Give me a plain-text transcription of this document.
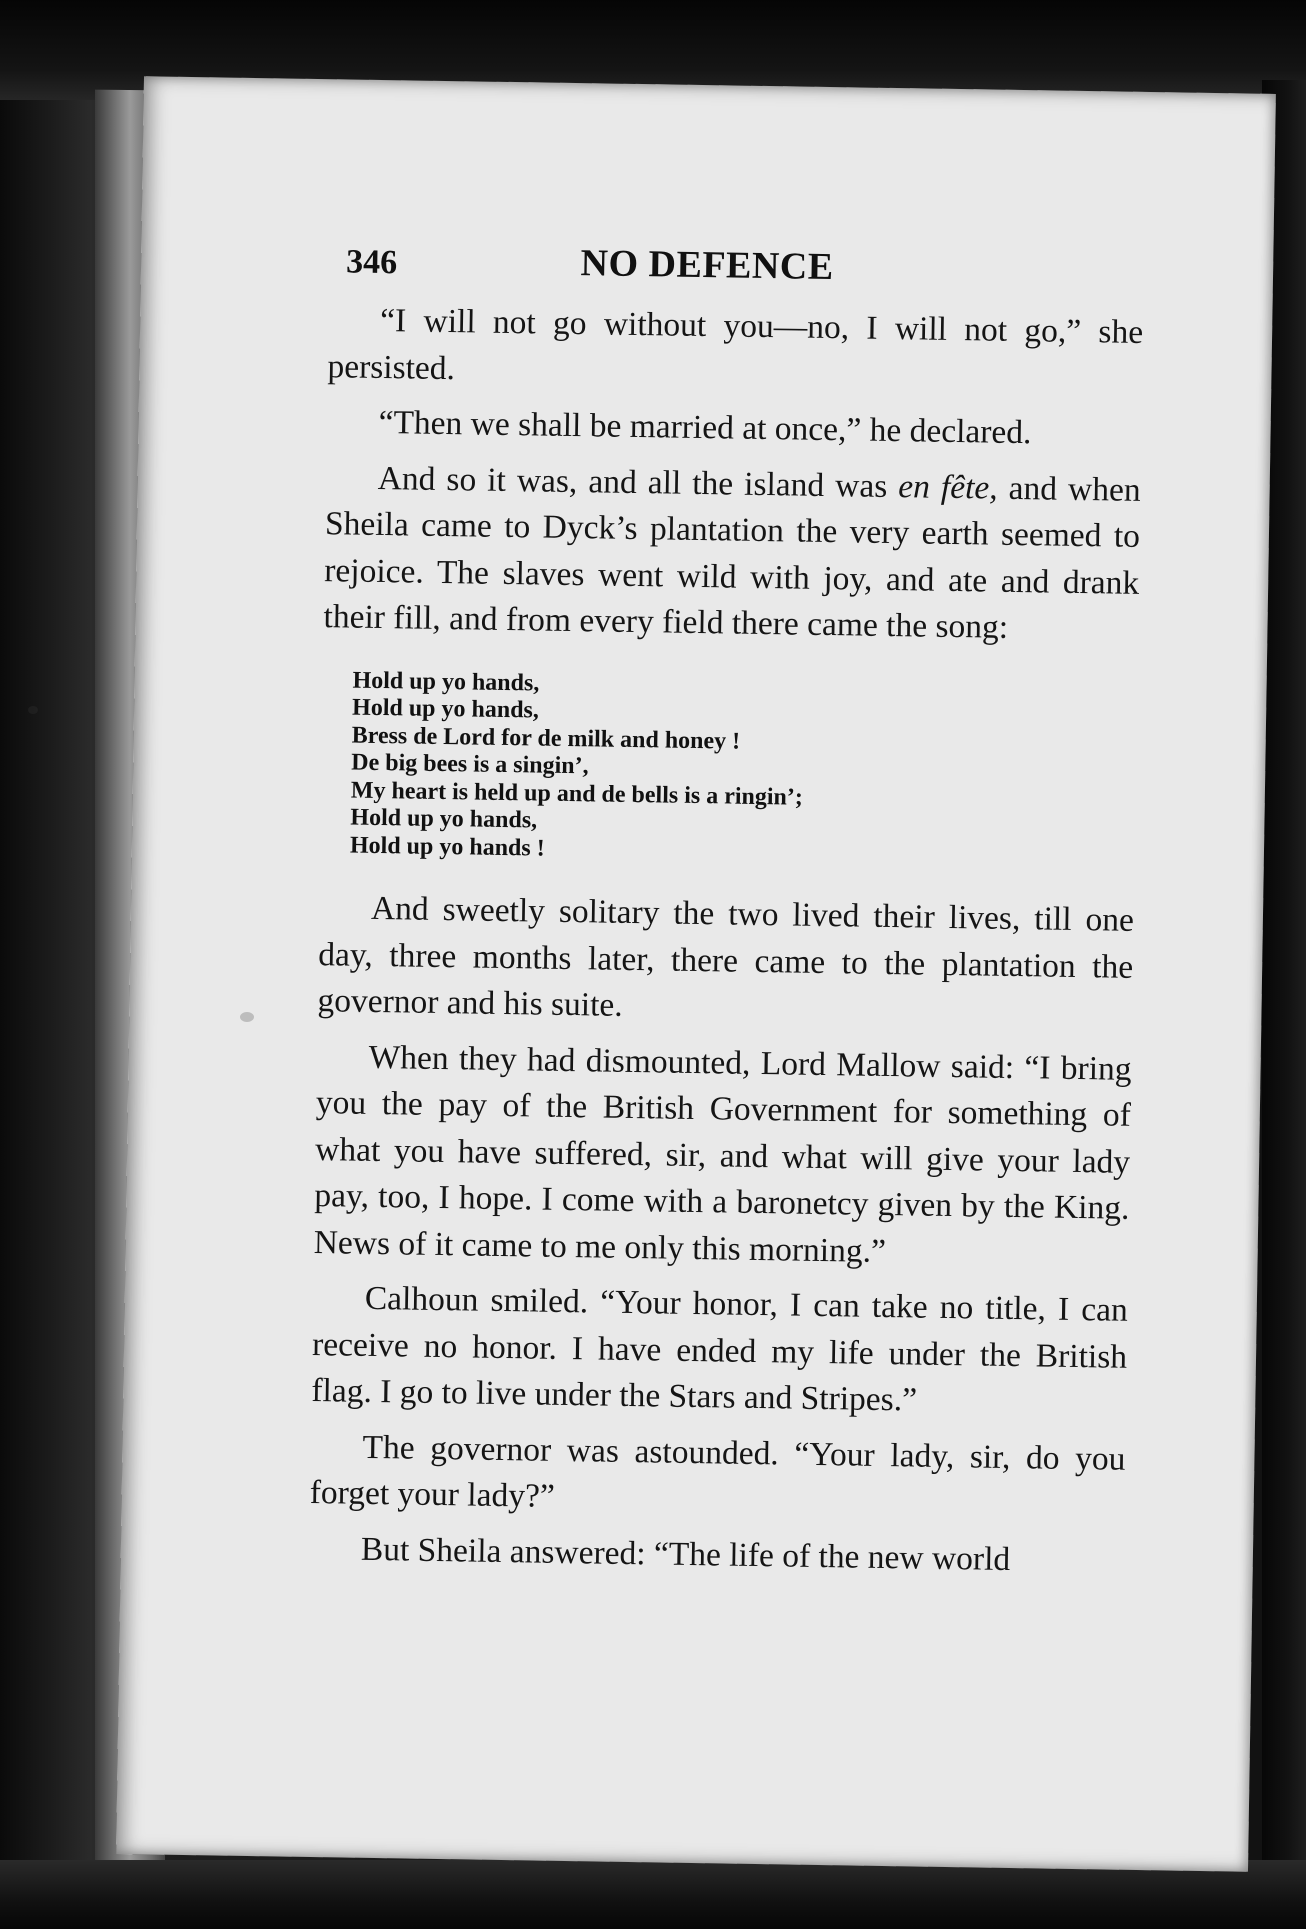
346	NO DEFENCE

“I will not go without you—no, I will not go,” she persisted.

“Then we shall be married at once,” he declared.

And so it was, and all the island was en fête, and when Sheila came to Dyck’s plantation the very earth seemed to rejoice. The slaves went wild with joy, and ate and drank their fill, and from every field there came the song:

Hold up yo hands,
Hold up yo hands,
Bress de Lord for de milk and honey !
De big bees is a singin’,
My heart is held up and de bells is a ringin’;
Hold up yo hands,
Hold up yo hands !

And sweetly solitary the two lived their lives, till one day, three months later, there came to the plantation the governor and his suite.

When they had dismounted, Lord Mallow said: “I bring you the pay of the British Government for something of what you have suffered, sir, and what will give your lady pay, too, I hope. I come with a baronetcy given by the King. News of it came to me only this morning.”

Calhoun smiled. “Your honor, I can take no title, I can receive no honor. I have ended my life under the British flag. I go to live under the Stars and Stripes.”

The governor was astounded. “Your lady, sir, do you forget your lady?”

But Sheila answered: “The life of the new world
